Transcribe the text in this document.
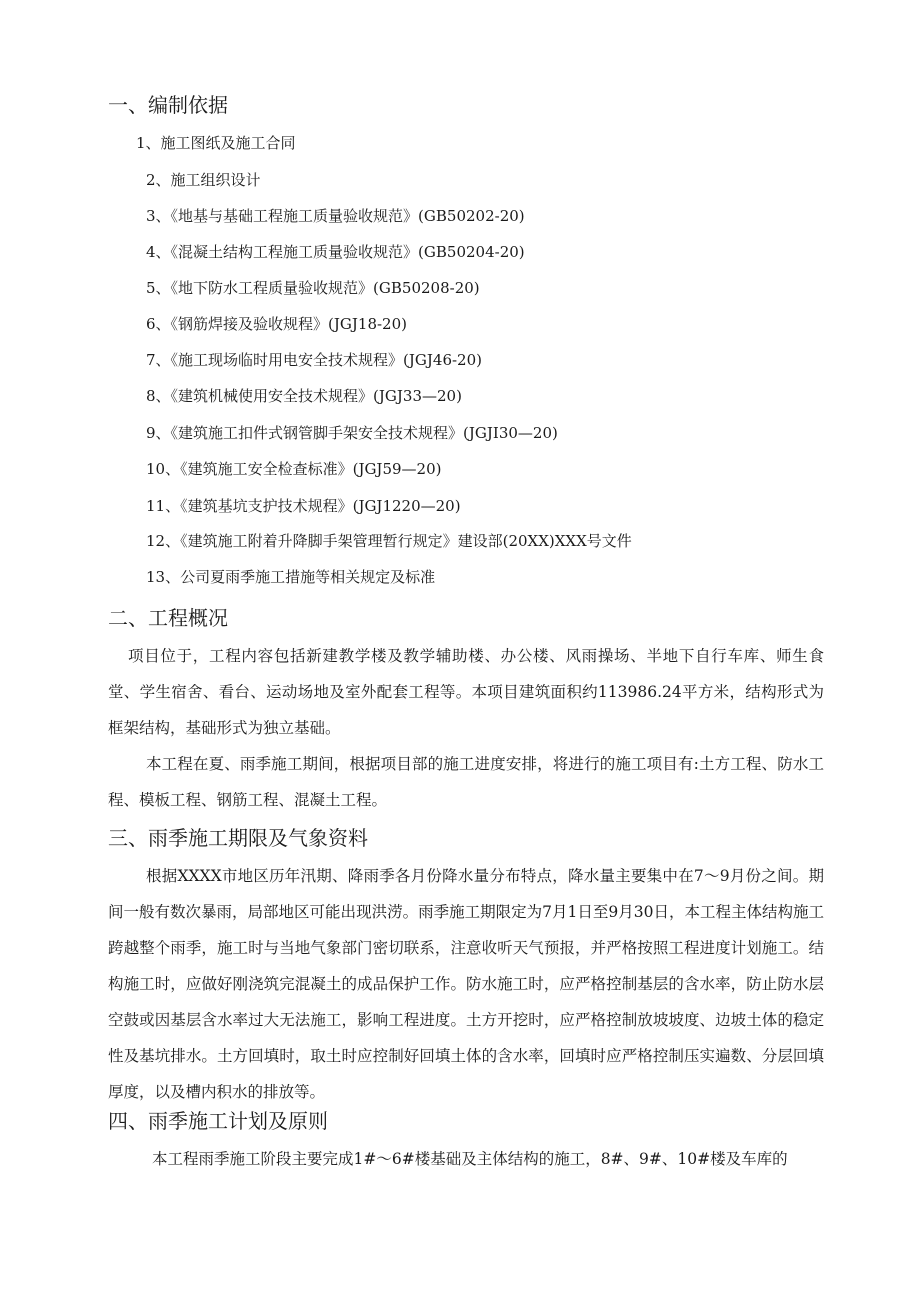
一、编制依据
1、施工图纸及施工合同
2、施工组织设计
3、《地基与基础工程施工质量验收规范》(GB50202-20)
4、《混凝土结构工程施工质量验收规范》(GB50204-20)
5、《地下防水工程质量验收规范》(GB50208-20)
6、《钢筋焊接及验收规程》(JGJ18-20)
7、《施工现场临时用电安全技术规程》(JGJ46-20)
8、《建筑机械使用安全技术规程》(JGJ33—20)
9、《建筑施工扣件式钢管脚手架安全技术规程》(JGJI30—20)
10、《建筑施工安全检查标准》(JGJ59—20)
11、《建筑基坑支护技术规程》(JGJ1220—20)
12、《建筑施工附着升降脚手架管理暂行规定》建设部(20XX)XXX号文件
13、公司夏雨季施工措施等相关规定及标准
二、工程概况
项目位于，工程内容包括新建教学楼及教学辅助楼、办公楼、风雨操场、半地下自行车库、师生食堂、学生宿舍、看台、运动场地及室外配套工程等。本项目建筑面积约113986.24平方米，结构形式为框架结构，基础形式为独立基础。
本工程在夏、雨季施工期间，根据项目部的施工进度安排，将进行的施工项目有:土方工程、防水工程、模板工程、钢筋工程、混凝土工程。
三、雨季施工期限及气象资料
根据XXXX市地区历年汛期、降雨季各月份降水量分布特点，降水量主要集中在7～9月份之间。期间一般有数次暴雨，局部地区可能出现洪涝。雨季施工期限定为7月1日至9月30日，本工程主体结构施工跨越整个雨季，施工时与当地气象部门密切联系，注意收听天气预报，并严格按照工程进度计划施工。结构施工时，应做好刚浇筑完混凝土的成品保护工作。防水施工时，应严格控制基层的含水率，防止防水层空鼓或因基层含水率过大无法施工，影响工程进度。土方开挖时，应严格控制放坡坡度、边坡土体的稳定性及基坑排水。土方回填时，取土时应控制好回填土体的含水率，回填时应严格控制压实遍数、分层回填厚度，以及槽内积水的排放等。
四、雨季施工计划及原则
本工程雨季施工阶段主要完成1#～6#楼基础及主体结构的施工，8#、9#、10#楼及车库的
